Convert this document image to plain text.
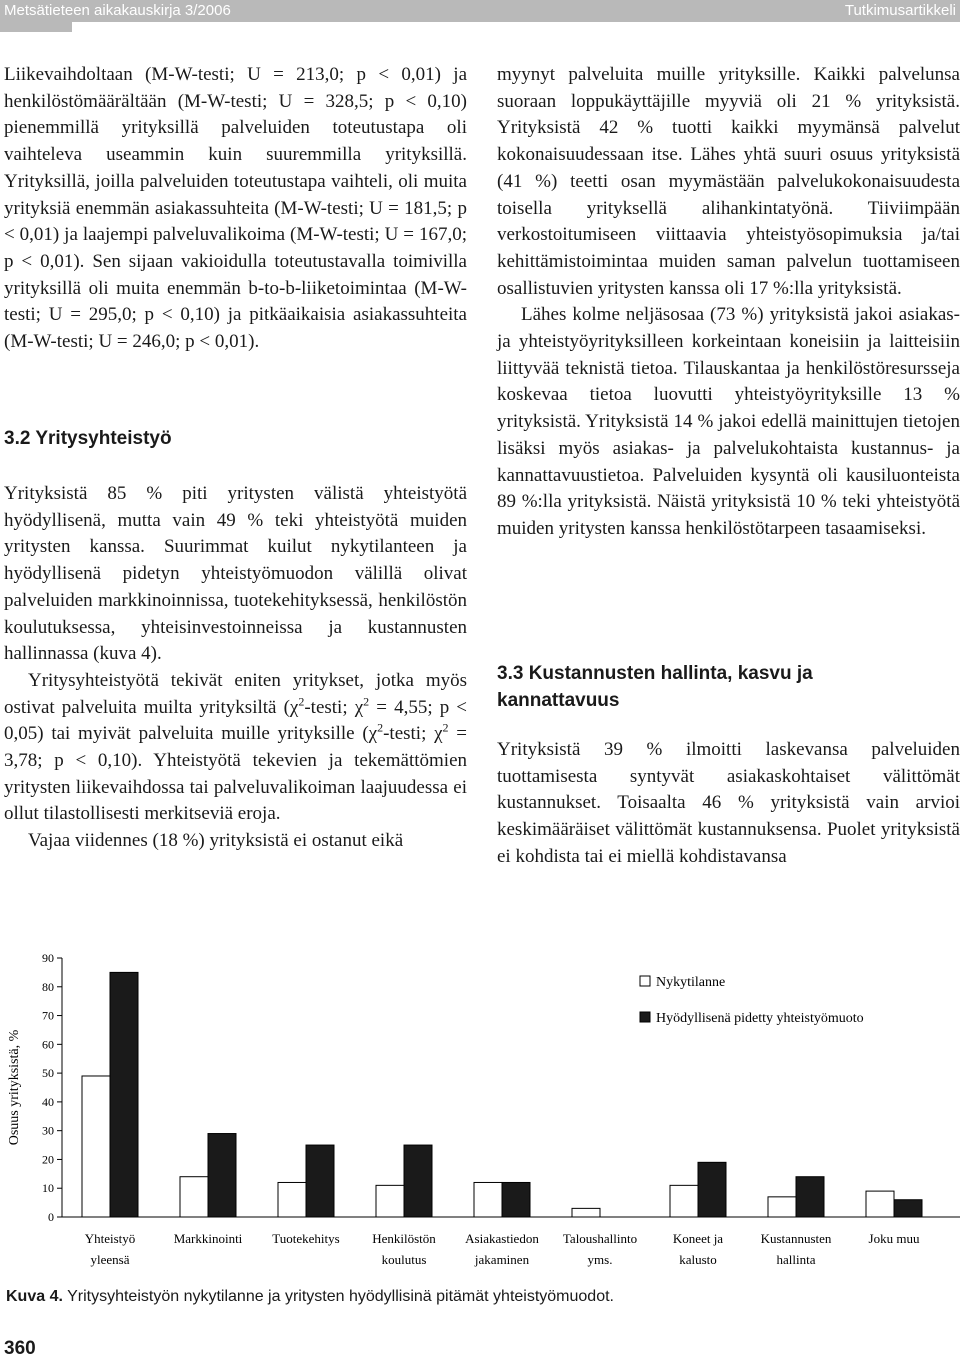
Metsätieteen aikakauskirja 3/2006	Tutkimusartikkeli

Liikevaihdoltaan (M-W-testi; U = 213,0; p < 0,01) ja henkilöstömäärältään (M-W-testi; U = 328,5; p < 0,10) pienemmillä yrityksillä palveluiden toteutustapa oli vaihteleva useammin kuin suuremmilla yrityksillä. Yrityksillä, joilla palveluiden toteutustapa vaihteli, oli muita yrityksiä enemmän asiakassuhteita (M-W-testi; U = 181,5; p < 0,01) ja laajempi palveluvalikoima (M-W-testi; U = 167,0; p < 0,01). Sen sijaan vakioidulla toteutustavalla toimivilla yrityksillä oli muita enemmän b-to-b-liiketoimintaa (M-W-testi; U = 295,0; p < 0,10) ja pitkäaikaisia asiakassuhteita (M-W-testi; U = 246,0; p < 0,01).

3.2 Yritysyhteistyö

Yrityksistä 85 % piti yritysten välistä yhteistyötä hyödyllisenä, mutta vain 49 % teki yhteistyötä muiden yritysten kanssa. Suurimmat kuilut nykytilanteen ja hyödyllisenä pidetyn yhteistyömuodon välillä olivat palveluiden markkinoinnissa, tuotekehityksessä, henkilöstön koulutuksessa, yhteisinvestoinneissa ja kustannusten hallinnassa (kuva 4).

Yritysyhteistyötä tekivät eniten yritykset, jotka myös ostivat palveluita muilta yrityksiltä ($\chi^2$-testi; $\chi^2 = 4,55$; p < 0,05) tai myivät palveluita muille yrityksille ($\chi^2$-testi; $\chi^2 = 3,78$; p < 0,10). Yhteistyötä tekevien ja tekemättömien yritysten liikevaihdossa tai palveluvalikoiman laajuudessa ei ollut tilastollisesti merkitseviä eroja.

Vajaa viidennes (18 %) yrityksistä ei ostanut eikä

myynyt palveluita muille yrityksille. Kaikki palvelunsa suoraan loppukäyttäjille myyviä oli 21 % yrityksistä. Yrityksistä 42 % tuotti kaikki myymänsä palvelut kokonaisuudessaan itse. Lähes yhtä suuri osuus yrityksistä (41 %) teetti osan myymästään palvelukokonaisuudesta toisella yrityksellä alihankintatyönä. Tiiviimpään verkostoitumiseen viittaavia yhteistyösopimuksia ja/tai kehittämistoimintaa muiden saman palvelun tuottamiseen osallistuvien yritysten kanssa oli 17 %:lla yrityksistä.

Lähes kolme neljäsosaa (73 %) yrityksistä jakoi asiakas- ja yhteistyöyrityksilleen korkeintaan koneisiin ja laitteisiin liittyvää teknistä tietoa. Tilauskantaa ja henkilöstöresursseja koskevaa tietoa luovutti yhteistyöyrityksille 13 % yrityksistä. Yrityksistä 14 % jakoi edellä mainittujen tietojen lisäksi myös asiakas- ja palvelukohtaista kustannus- ja kannattavuustietoa. Palveluiden kysyntä oli kausiluonteista 89 %:lla yrityksistä. Näistä yrityksistä 10 % teki yhteistyötä muiden yritysten kanssa henkilöstötarpeen tasaamiseksi.

3.3 Kustannusten hallinta, kasvu ja kannattavuus

Yrityksistä 39 % ilmoitti laskevansa palveluiden tuottamisesta syntyvät asiakaskohtaiset välittömät kustannukset. Toisaalta 46 % yrityksistä vain arvioi keskimääräiset välittömät kustannuksensa. Puolet yrityksistä ei kohdista tai ei miellä kohdistavansa

0
10
20
30
40
50
60
70
80
90
Osuus yrityksistä, %
Yhteistyö
yleensä
Markkinointi Tuotekehitys	Henkilöstön
koulutus
Asiakastiedon
jakaminen
Taloushallinto
yms.
Koneet ja
kalusto
Kustannusten
hallinta
Joku muu
Nykytilanne
Hyödyllisenä pidetty yhteistyömuoto
Kuva 4. Yritysyhteistyön nykytilanne ja yritysten hyödyllisinä pitämät yhteistyömuodot.
360
